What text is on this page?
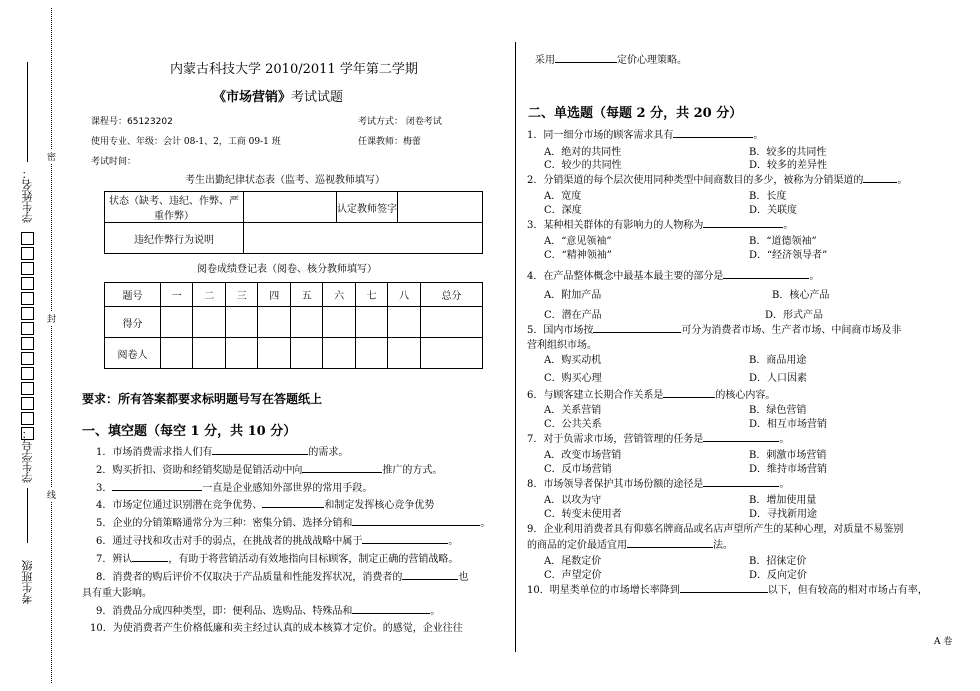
密
封
线
学生姓名：
学生学号：
考生班级
内蒙古科技大学 2010/2011 学年第二学期
《市场营销》考试试题
课程号：65123202	考试方式： 闭卷考试
使用专业、年级：会计 08-1、2，工商 09-1 班	任课教师：梅蕾
考试时间：
考生出勤纪律状态表（监考、巡视教师填写）
状态（缺考、违纪、作弊、严重作弊）		认定教师签字	
违纪作弊行为说明			
阅卷成绩登记表（阅卷、核分教师填写）
题号	一	二	三	四	五	六	七	八	总分
得分									
阅卷人									
要求：所有答案都要求标明题号写在答题纸上
一、填空题（每空 1 分，共 10 分）
1．市场消费需求指人们有	的需求。
2．购买折扣、资助和经销奖励是促销活动中向	推广的方式。
3．	一直是企业感知外部世界的常用手段。
4．市场定位通过识别潜在竞争优势、	和制定发挥核心竞争优势
5．企业的分销策略通常分为三种：密集分销、选择分销和	。
6．通过寻找和攻击对手的弱点，在挑战者的挑战战略中属于	。
7．辨认	，有助于将营销活动有效地指向目标顾客，制定正确的营销战略。
8．消费者的购后评价不仅取决于产品质量和性能发挥状况，消费者的	也
具有重大影响。
9．消费品分成四种类型，即：便利品、选购品、特殊品和	。
10．为使消费者产生价格低廉和卖主经过认真的成本核算才定价。的感觉，企业往往
采用	定价心理策略。
二、单选题（每题 2 分，共 20 分）
1．同一细分市场的顾客需求具有	。
A．绝对的共同性	B．较多的共同性
C．较少的共同性	D．较多的差异性
2．分销渠道的每个层次使用同种类型中间商数目的多少，被称为分销渠道的	。
A．宽度	B．长度
C．深度	D．关联度
3．某种相关群体的有影响力的人物称为	。
A．“意见领袖”	B．“道德领袖”
C．“精神领袖”	D．“经济领导者”
4．在产品整体概念中最基本最主要的部分是	。
A．附加产品	B．核心产品
C．潜在产品	D．形式产品
5．国内市场按	可分为消费者市场、生产者市场、中间商市场及非
营利组织市场。
A．购买动机	B．商品用途
C．购买心理	D．人口因素
6．与顾客建立长期合作关系是	的核心内容。
A．关系营销	B．绿色营销
C．公共关系	D．相互市场营销
7．对于负需求市场，营销管理的任务是	。
A．改变市场营销	B．刺激市场营销
C．反市场营销	D．维持市场营销
8．市场领导者保护其市场份额的途径是	。
A．以攻为守	B．增加使用量
C．转变未使用者	D．寻找新用途
9．企业利用消费者具有仰慕名牌商品或名店声望所产生的某种心理，对质量不易鉴别
的商品的定价最适宜用	法。
A．尾数定价	B．招徕定价
C．声望定价	D．反向定价
10．明星类单位的市场增长率降到	以下，但有较高的相对市场占有率，
A 卷
